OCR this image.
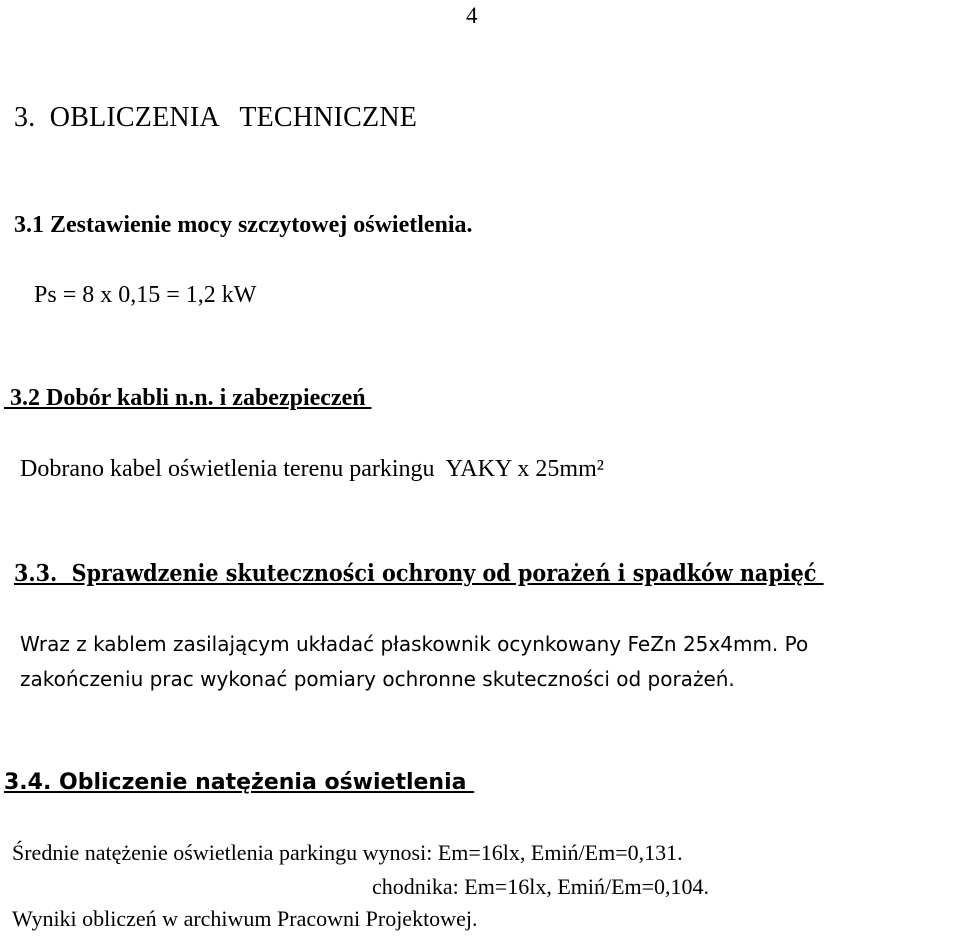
4
3.  OBLICZENIA   TECHNICZNE
3.1 Zestawienie mocy szczytowej oświetlenia.
Ps = 8 x 0,15 = 1,2 kW
3.2 Dobór kabli n.n. i zabezpieczeń
Dobrano kabel oświetlenia terenu parkingu  YAKY x 25mm²
3.3.  Sprawdzenie skuteczności ochrony od porażeń i spadków napięć
Wraz z kablem zasilającym układać płaskownik ocynkowany FeZn 25x4mm. Po
zakończeniu prac wykonać pomiary ochronne skuteczności od porażeń.
3.4. Obliczenie natężenia oświetlenia
Średnie natężenie oświetlenia parkingu wynosi: Em=16lx, Emiń/Em=0,131.
chodnika: Em=16lx, Emiń/Em=0,104.
Wyniki obliczeń w archiwum Pracowni Projektowej.
